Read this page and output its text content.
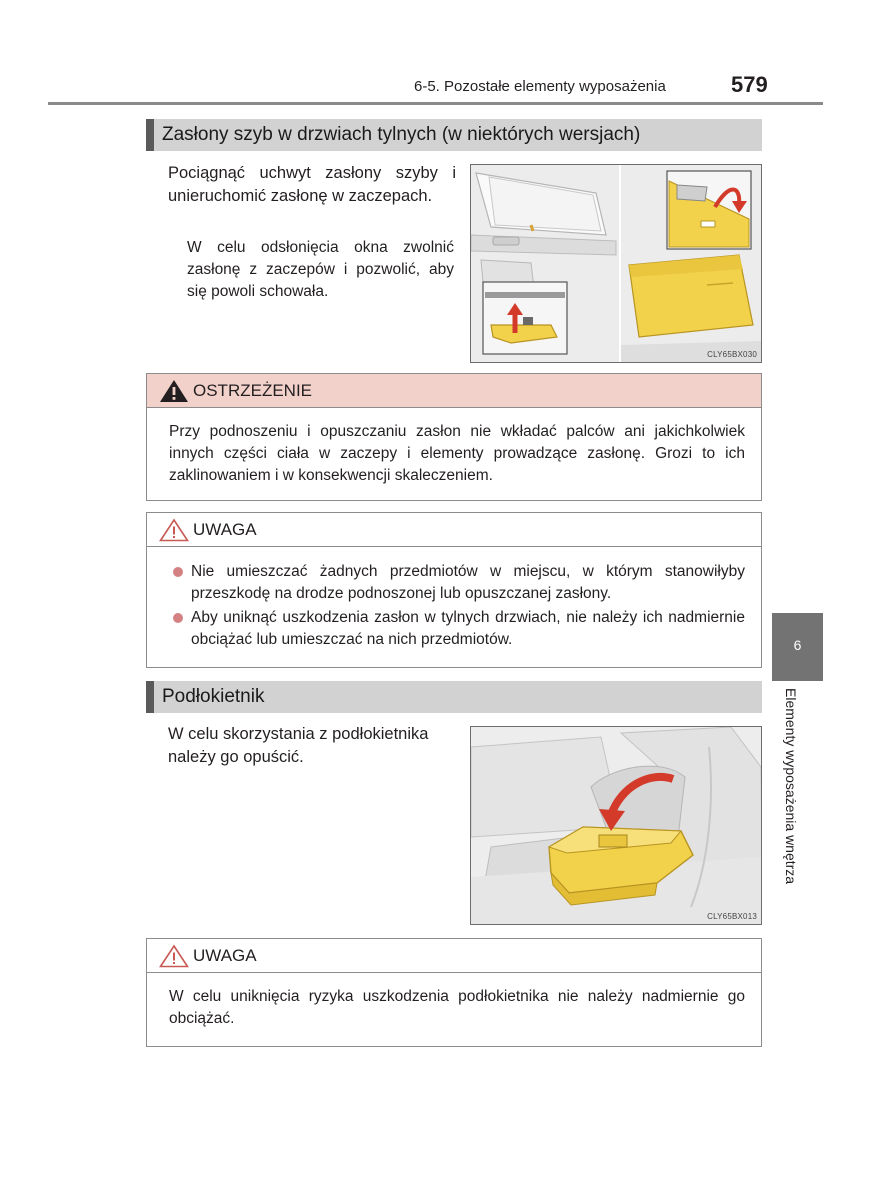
6-5. Pozostałe elementy wyposażenia	579
Zasłony szyb w drzwiach tylnych (w niektórych wersjach)
Pociągnąć uchwyt zasłony szyby i unieruchomić zasłonę w zaczepach.
W celu odsłonięcia okna zwolnić zasłonę z zaczepów i pozwolić, aby się powoli schowała.
CLY65BX030
OSTRZEŻENIE
Przy podnoszeniu i opuszczaniu zasłon nie wkładać palców ani jakichkolwiek innych części ciała w zaczepy i elementy prowadzące zasłonę. Grozi to ich zaklinowaniem i w konsekwencji skaleczeniem.
UWAGA
Nie umieszczać żadnych przedmiotów w miejscu, w którym stanowiłyby przeszkodę na drodze podnoszonej lub opuszczanej zasłony.
Aby uniknąć uszkodzenia zasłon w tylnych drzwiach, nie należy ich nadmiernie obciążać lub umieszczać na nich przedmiotów.
Podłokietnik
W celu skorzystania z podłokietnika należy go opuścić.
CLY65BX013
UWAGA
W celu uniknięcia ryzyka uszkodzenia podłokietnika nie należy nadmiernie go obciążać.
6
Elementy wyposażenia wnętrza
